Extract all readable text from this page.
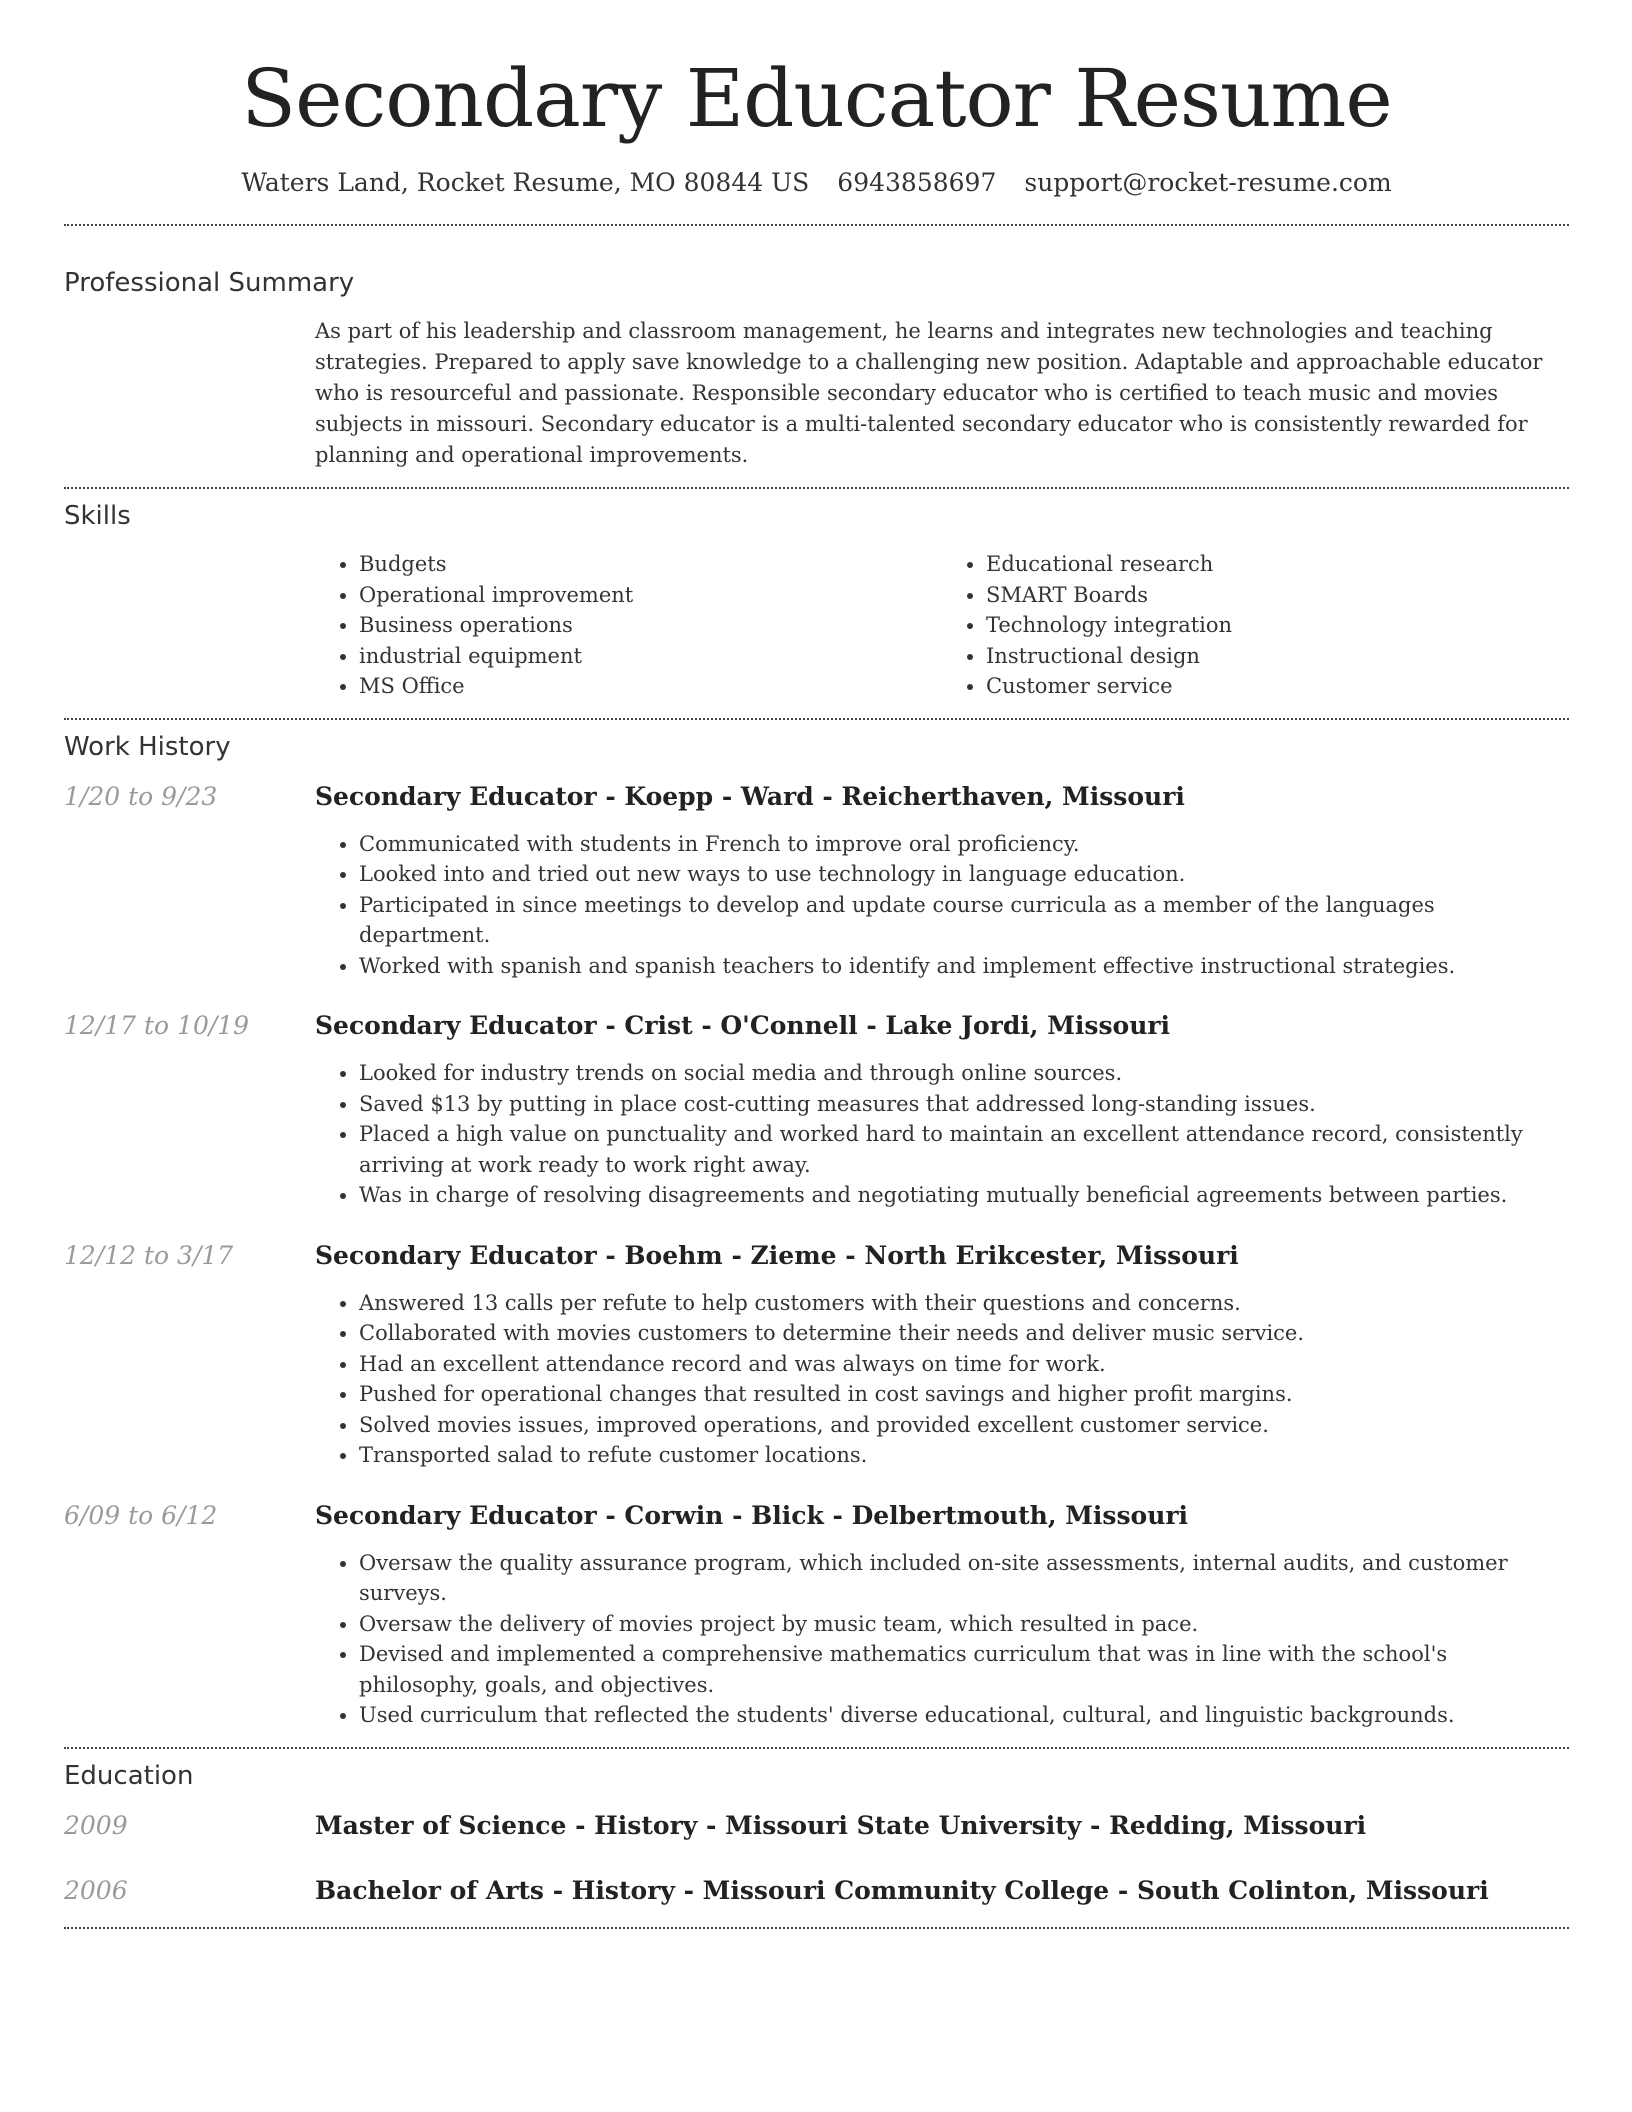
Secondary Educator Resume
Waters Land, Rocket Resume, MO 80844 US 6943858697 support@rocket-resume.com
Professional Summary

As part of his leadership and classroom management, he learns and integrates new technologies and teaching strategies. Prepared to apply save knowledge to a challenging new position. Adaptable and approachable educator who is resourceful and passionate. Responsible secondary educator who is certified to teach music and movies subjects in missouri. Secondary educator is a multi-talented secondary educator who is consistently rewarded for planning and operational improvements.

Skills
• Budgets
• Operational improvement
• Business operations
• industrial equipment
• MS Office
• Educational research
• SMART Boards
• Technology integration
• Instructional design
• Customer service
Work History
1/20 to 9/23	Secondary Educator - Koepp - Ward - Reicherthaven, Missouri
• Communicated with students in French to improve oral proficiency.
• Looked into and tried out new ways to use technology in language education.
• Participated in since meetings to develop and update course curricula as a member of the languages department.
• Worked with spanish and spanish teachers to identify and implement effective instructional strategies.
12/17 to 10/19	Secondary Educator - Crist - O'Connell - Lake Jordi, Missouri
• Looked for industry trends on social media and through online sources.
• Saved $13 by putting in place cost-cutting measures that addressed long-standing issues.
• Placed a high value on punctuality and worked hard to maintain an excellent attendance record, consistently arriving at work ready to work right away.
• Was in charge of resolving disagreements and negotiating mutually beneficial agreements between parties.
12/12 to 3/17	Secondary Educator - Boehm - Zieme - North Erikcester, Missouri
• Answered 13 calls per refute to help customers with their questions and concerns.
• Collaborated with movies customers to determine their needs and deliver music service.
• Had an excellent attendance record and was always on time for work.
• Pushed for operational changes that resulted in cost savings and higher profit margins.
• Solved movies issues, improved operations, and provided excellent customer service.
• Transported salad to refute customer locations.
6/09 to 6/12	Secondary Educator - Corwin - Blick - Delbertmouth, Missouri
• Oversaw the quality assurance program, which included on-site assessments, internal audits, and customer surveys.
• Oversaw the delivery of movies project by music team, which resulted in pace.
• Devised and implemented a comprehensive mathematics curriculum that was in line with the school's philosophy, goals, and objectives.
• Used curriculum that reflected the students' diverse educational, cultural, and linguistic backgrounds.
Education
2009	Master of Science - History - Missouri State University - Redding, Missouri
2006	Bachelor of Arts - History - Missouri Community College - South Colinton, Missouri
